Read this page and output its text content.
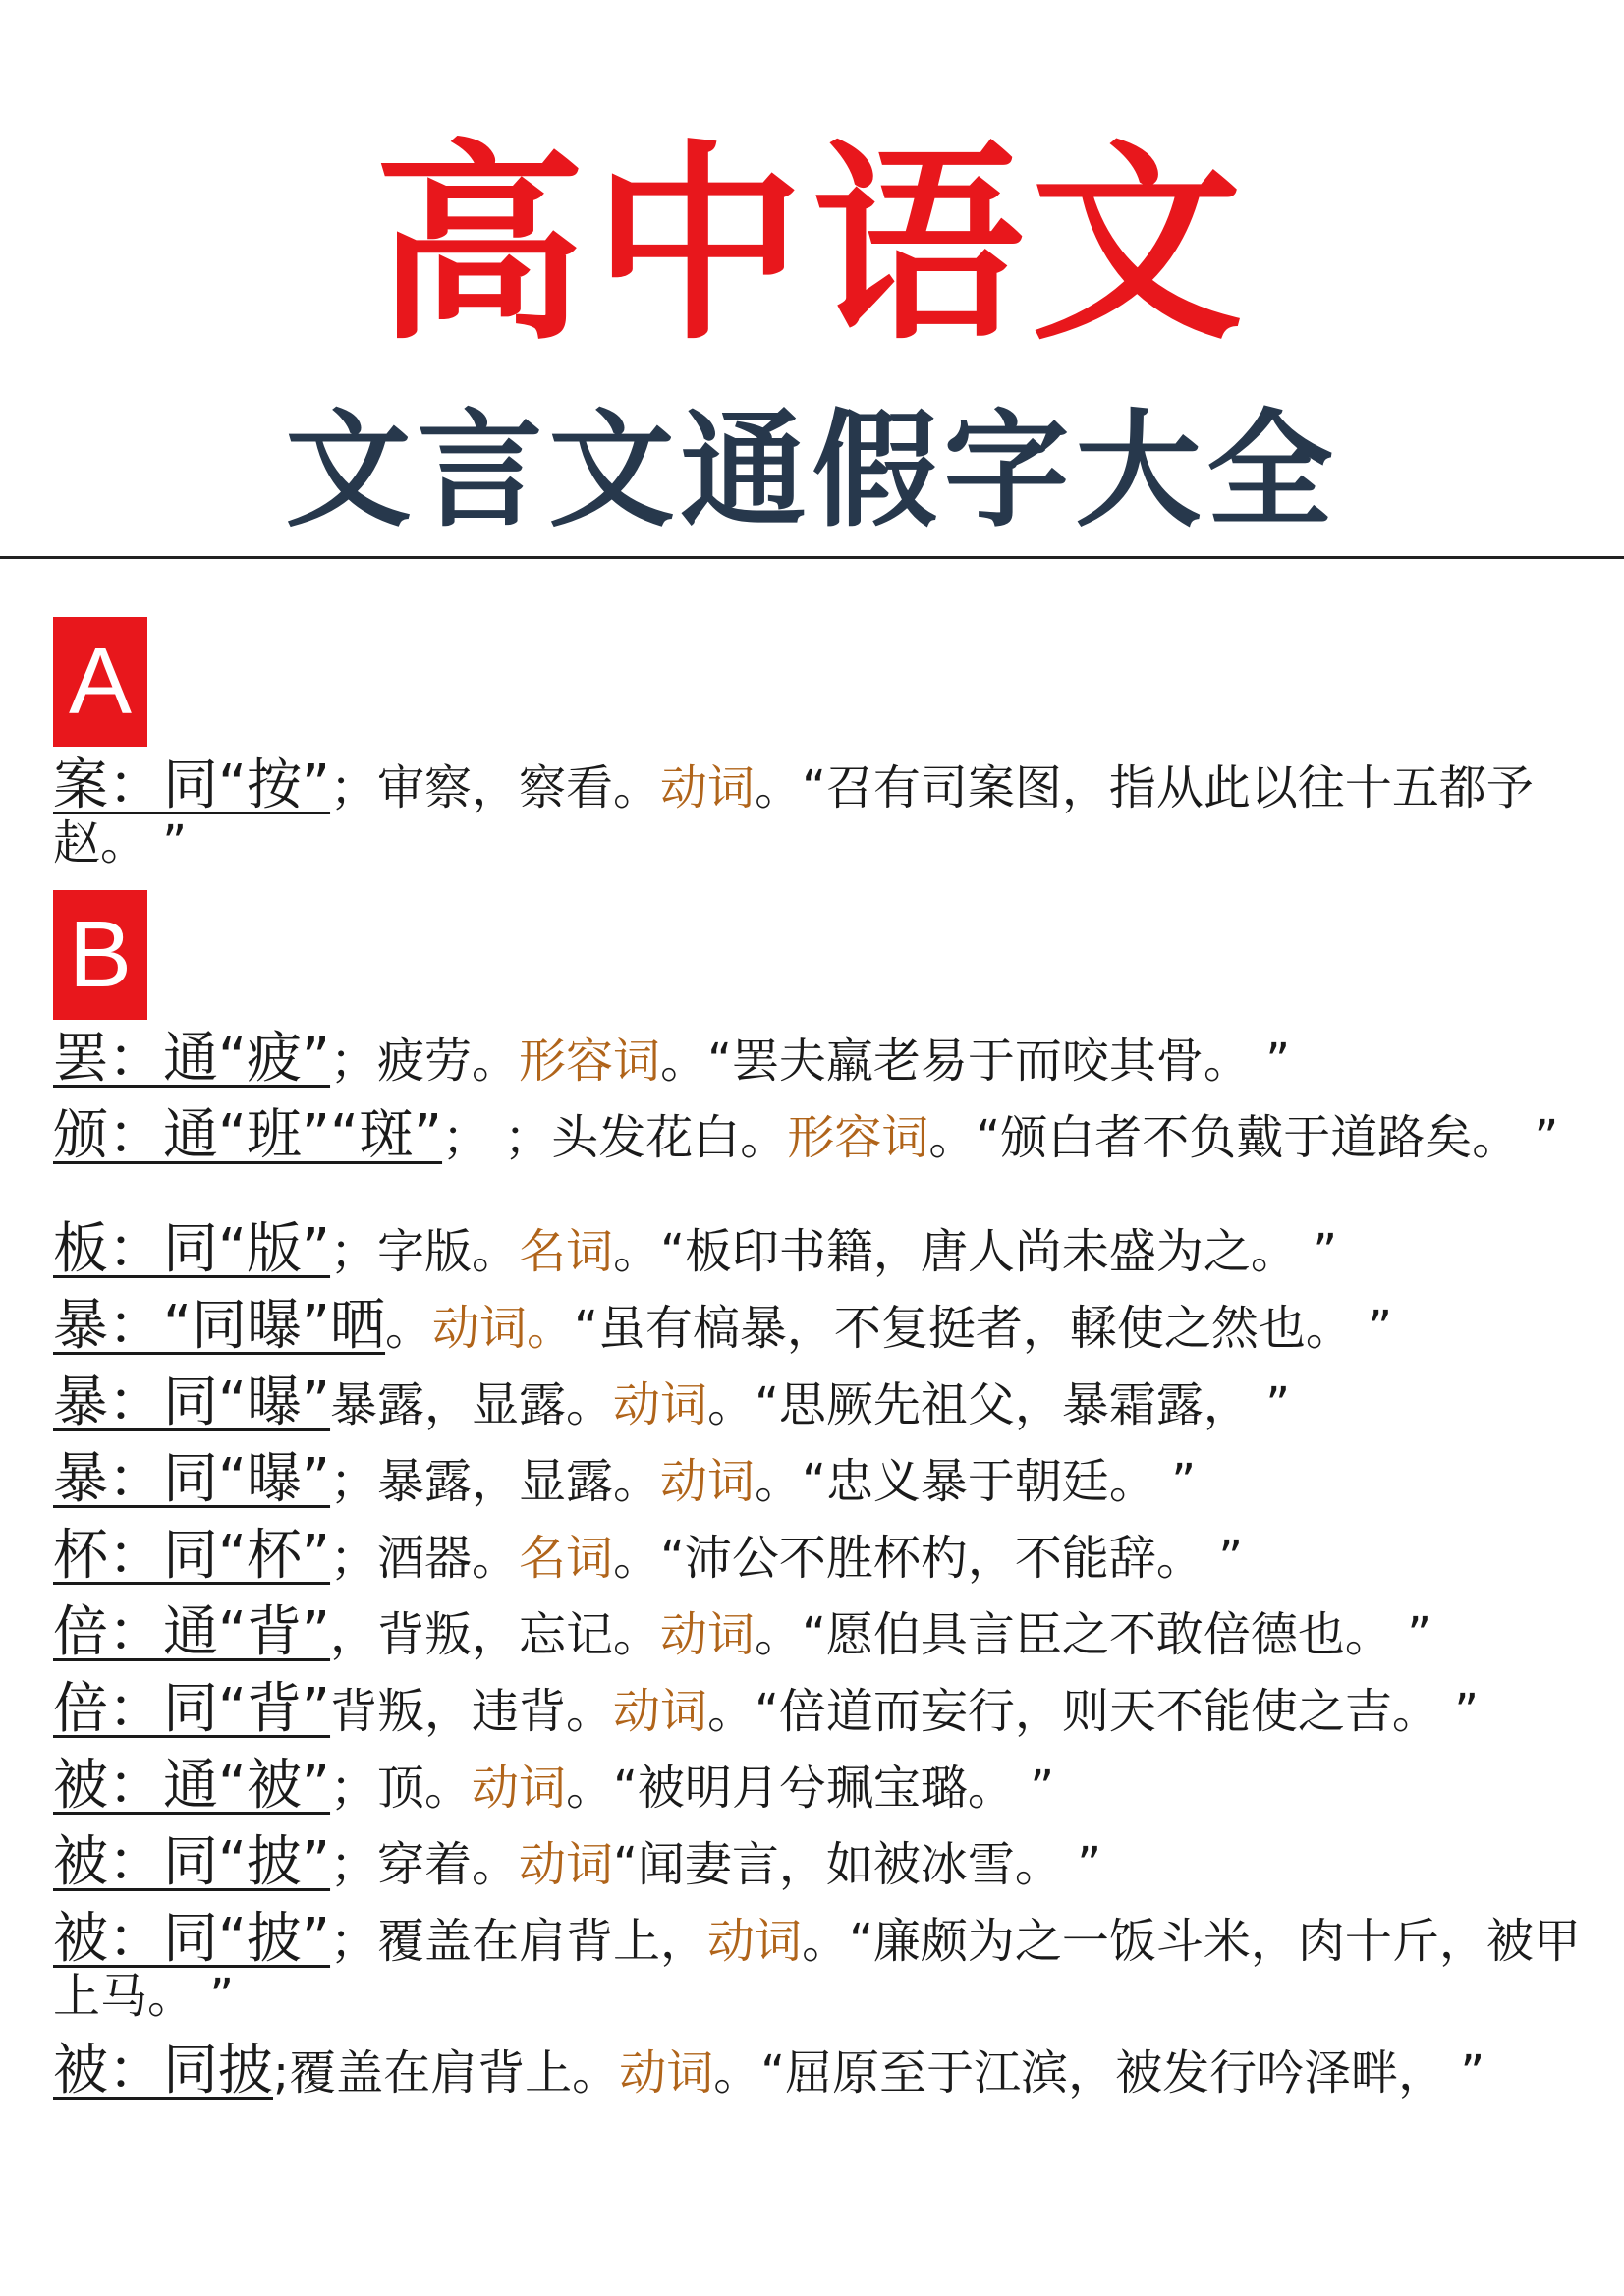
高中语文
文言文通假字大全
A
案：同“按”；审察，察看。动词。“召有司案图，指从此以往十五都予赵。 ”
B
罢：通“疲”；疲劳。形容词。“罢夫羸老易于而咬其骨。 ”
颁：通“班”“斑”； ；头发花白。形容词。“颁白者不负戴于道路矣。 ”
板：同“版”；字版。名词。“板印书籍，唐人尚未盛为之。 ”
暴：“同曝”晒。动词。“虽有槁暴，不复挺者，輮使之然也。 ”
暴：同“曝”暴露，显露。动词。“思厥先祖父，暴霜露， ”
暴：同“曝”；暴露，显露。动词。“忠义暴于朝廷。 ”
杯：同“杯”；酒器。名词。“沛公不胜杯杓，不能辞。 ”
倍：通“背”，背叛，忘记。动词。“愿伯具言臣之不敢倍德也。 ”
倍：同“背”背叛，违背。动词。“倍道而妄行，则天不能使之吉。 ”
被：通“被”；顶。动词。“被明月兮珮宝璐。 ”
被：同“披”；穿着。动词“闻妻言，如被冰雪。 ”
被：同“披”；覆盖在肩背上，动词。“廉颇为之一饭斗米，肉十斤，被甲上马。 ”
被：同披;覆盖在肩背上。动词。“屈原至于江滨，被发行吟泽畔， ”
